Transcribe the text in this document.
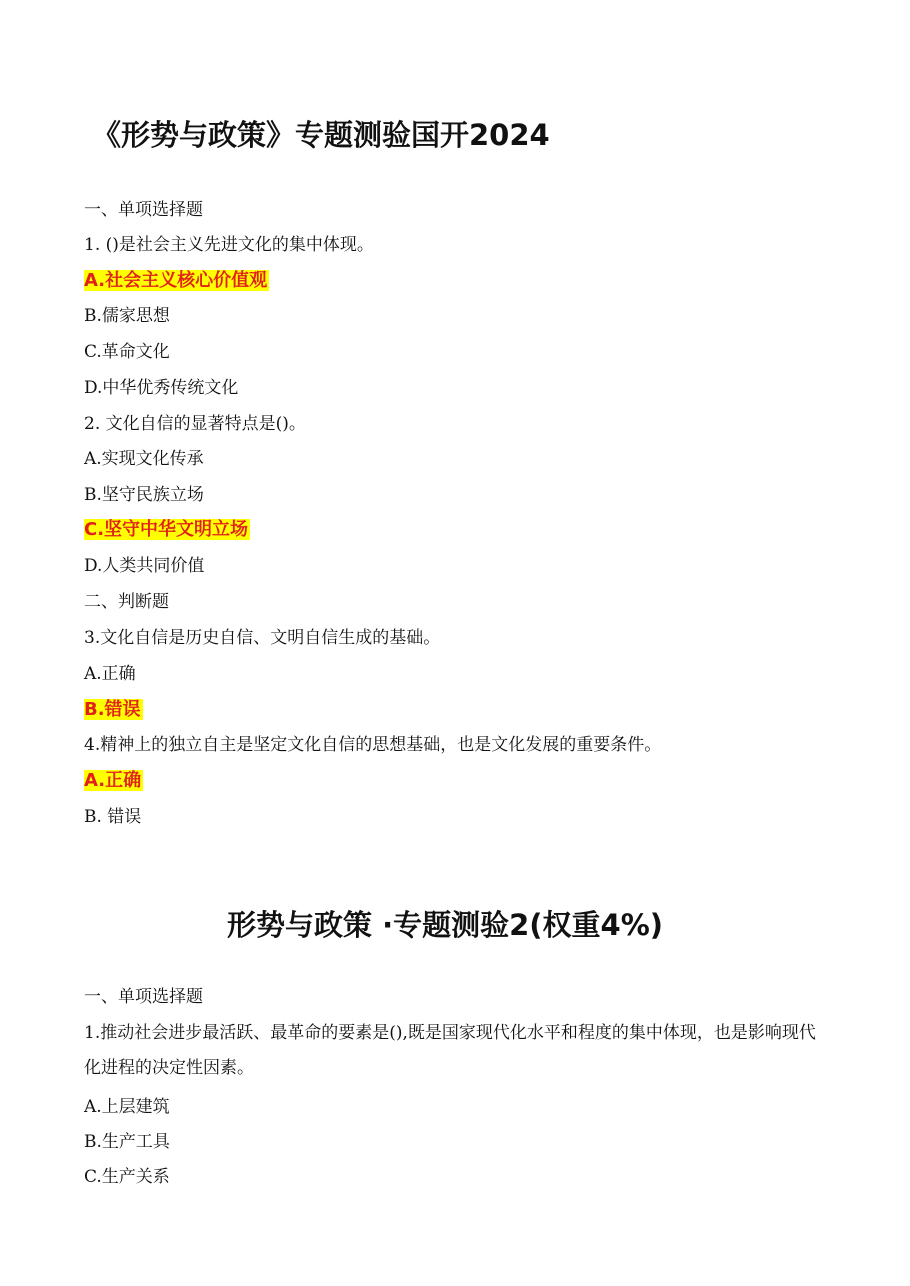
《形势与政策》专题测验国开2024
一、单项选择题
1. ()是社会主义先进文化的集中体现。
A.社会主义核心价值观
B.儒家思想
C.革命文化
D.中华优秀传统文化
2. 文化自信的显著特点是()。
A.实现文化传承
B.坚守民族立场
C.坚守中华文明立场
D.人类共同价值
二、判断题
3.文化自信是历史自信、文明自信生成的基础。
A.正确
B.错误
4.精神上的独立自主是坚定文化自信的思想基础，也是文化发展的重要条件。
A.正确
B. 错误
形势与政策 ·专题测验2(权重4%)
一、单项选择题
1.推动社会进步最活跃、最革命的要素是(),既是国家现代化水平和程度的集中体现，也是影响现代化进程的决定性因素。
A.上层建筑
B.生产工具
C.生产关系
